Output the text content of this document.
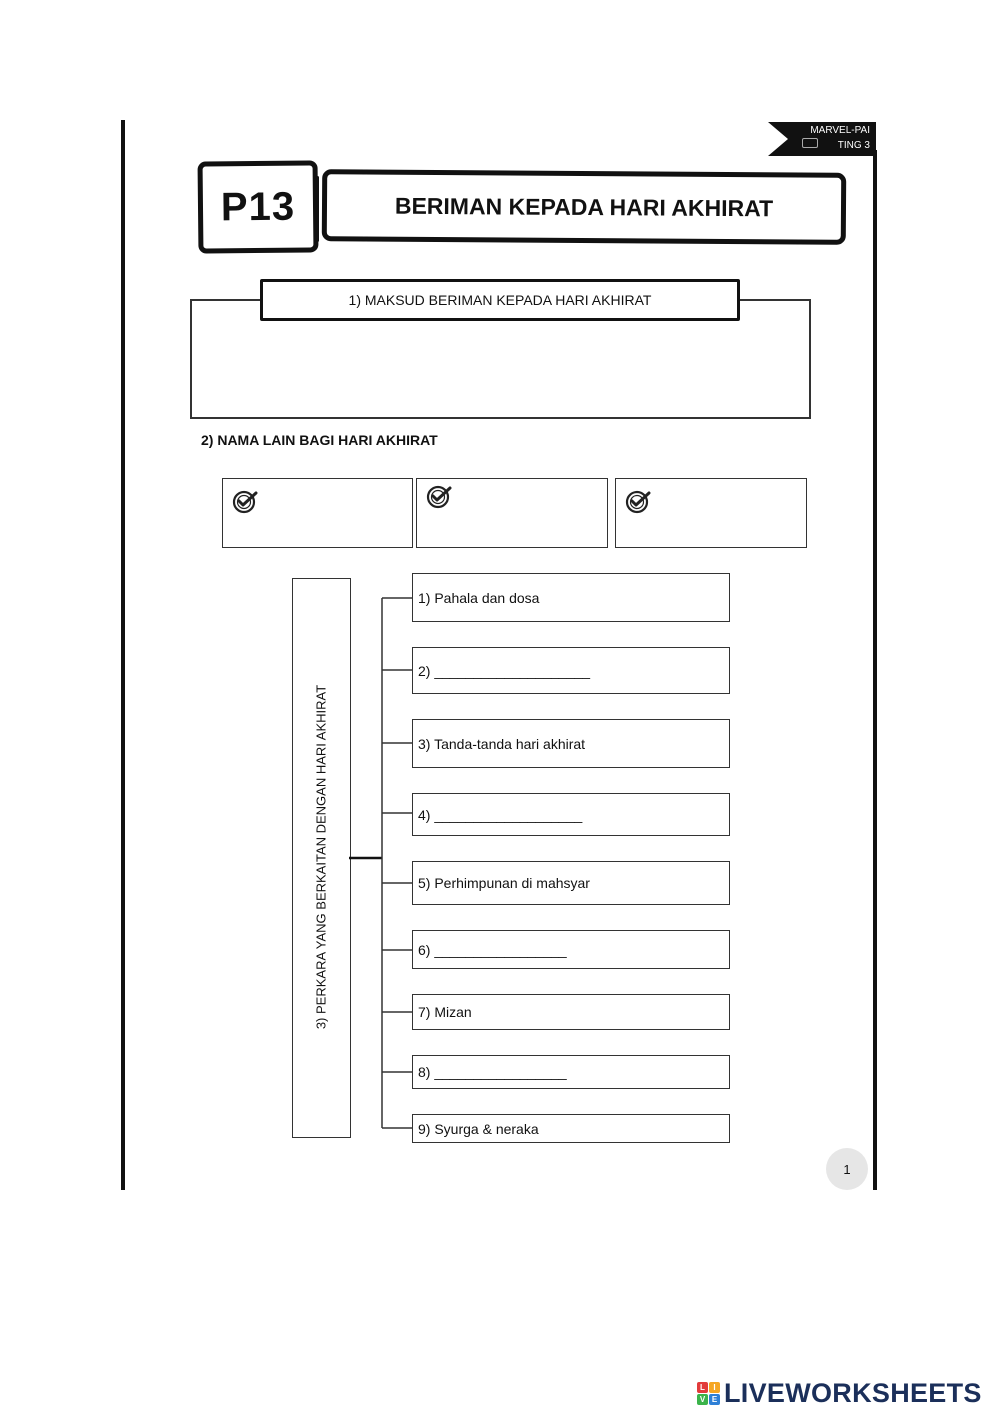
MARVEL-PAI
TING 3
P13	BERIMAN KEPADA HARI AKHIRAT
1) MAKSUD BERIMAN KEPADA HARI AKHIRAT
2) NAMA LAIN BAGI HARI AKHIRAT
3) PERKARA YANG BERKAITAN DENGAN HARI AKHIRAT
1) Pahala dan dosa
2) ____________________
3) Tanda-tanda hari akhirat
4) ___________________
5) Perhimpunan di mahsyar
6) _________________
7) Mizan
8) _________________
9) Syurga & neraka
1
L	I
V E LIVEWORKSHEETS
